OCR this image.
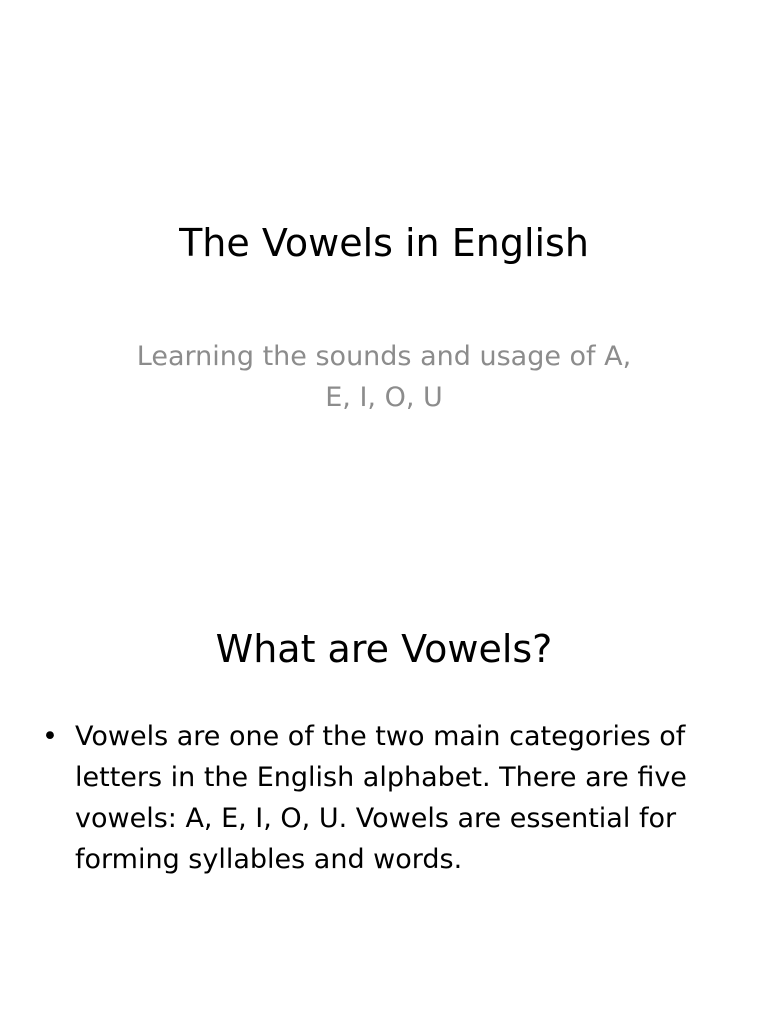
The Vowels in English

Learning the sounds and usage of A, E, I, O, U

What are Vowels?
• Vowels are one of the two main categories of letters in the English alphabet. There are five vowels: A, E, I, O, U. Vowels are essential for forming syllables and words.
